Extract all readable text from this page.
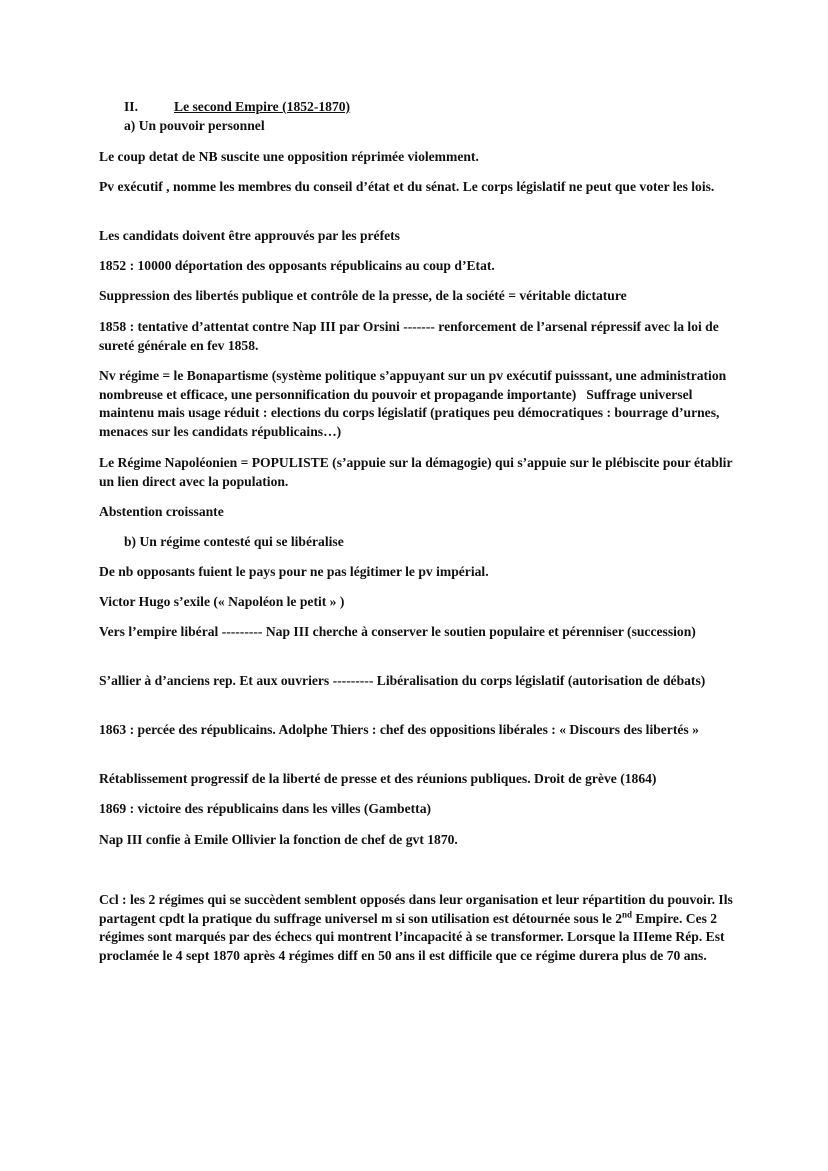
II.	Le second Empire (1852-1870)
a) Un pouvoir personnel

Le coup detat de NB suscite une opposition réprimée violemment.

Pv exécutif , nomme les membres du conseil d’état et du sénat. Le corps législatif ne peut que voter les lois.

Les candidats doivent être approuvés par les préfets

1852 : 10000 déportation des opposants républicains au coup d’Etat.

Suppression des libertés publique et contrôle de la presse, de la société = véritable dictature

1858 : tentative d’attentat contre Nap III par Orsini ------- renforcement de l’arsenal répressif avec la loi de sureté générale en fev 1858.

Nv régime = le Bonapartisme (système politique s’appuyant sur un pv exécutif puisssant, une administration nombreuse et efficace, une personnification du pouvoir et propagande importante) Suffrage universel maintenu mais usage réduit : elections du corps législatif (pratiques peu démocratiques : bourrage d’urnes, menaces sur les candidats républicains…)

Le Régime Napoléonien = POPULISTE (s’appuie sur la démagogie) qui s’appuie sur le plébiscite pour établir un lien direct avec la population.

Abstention croissante

b) Un régime contesté qui se libéralise

De nb opposants fuient le pays pour ne pas légitimer le pv impérial.

Victor Hugo s’exile (« Napoléon le petit » )

Vers l’empire libéral --------- Nap III cherche à conserver le soutien populaire et pérenniser (succession)

S’allier à d’anciens rep. Et aux ouvriers --------- Libéralisation du corps législatif (autorisation de débats)

1863 : percée des républicains. Adolphe Thiers : chef des oppositions libérales : « Discours des libertés »

Rétablissement progressif de la liberté de presse et des réunions publiques. Droit de grève (1864)

1869 : victoire des républicains dans les villes (Gambetta)

Nap III confie à Emile Ollivier la fonction de chef de gvt 1870.

Ccl : les 2 régimes qui se succèdent semblent opposés dans leur organisation et leur répartition du pouvoir. Ils partagent cpdt la pratique du suffrage universel m si son utilisation est détournée sous le 2nd Empire. Ces 2 régimes sont marqués par des échecs qui montrent l’incapacité à se transformer. Lorsque la IIIeme Rép. Est proclamée le 4 sept 1870 après 4 régimes diff en 50 ans il est difficile que ce régime durera plus de 70 ans.
